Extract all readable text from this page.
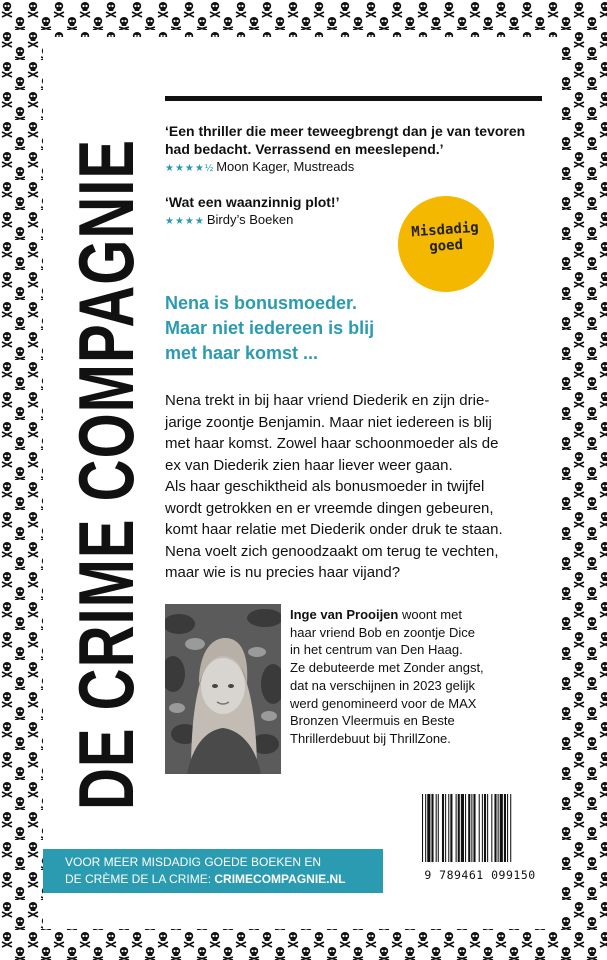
DE CRIME COMPAGNIE
‘Een thriller die meer teweegbrengt dan je van tevoren
had bedacht. Verrassend en meeslepend.’
★★★★½ Moon Kager, Mustreads
‘Wat een waanzinnig plot!’
★★★★ Birdy’s Boeken
Misdadig
goed
Nena is bonusmoeder.
Maar niet iedereen is blij
met haar komst ...
Nena trekt in bij haar vriend Diederik en zijn drie-
jarige zoontje Benjamin. Maar niet iedereen is blij
met haar komst. Zowel haar schoonmoeder als de
ex van Diederik zien haar liever weer gaan.
Als haar geschiktheid als bonusmoeder in twijfel
wordt getrokken en er vreemde dingen gebeuren,
komt haar relatie met Diederik onder druk te staan.
Nena voelt zich genoodzaakt om terug te vechten,
maar wie is nu precies haar vijand?
Inge van Prooijen woont met
haar vriend Bob en zoontje Dice
in het centrum van Den Haag.
Ze debuteerde met Zonder angst,
dat na verschijnen in 2023 gelijk
werd genomineerd voor de MAX
Bronzen Vleermuis en Beste
Thrillerdebuut bij ThrillZone.
9 789461 099150
VOOR MEER MISDADIG GOEDE BOEKEN EN
DE CRÈME DE LA CRIME: CRIMECOMPAGNIE.NL
